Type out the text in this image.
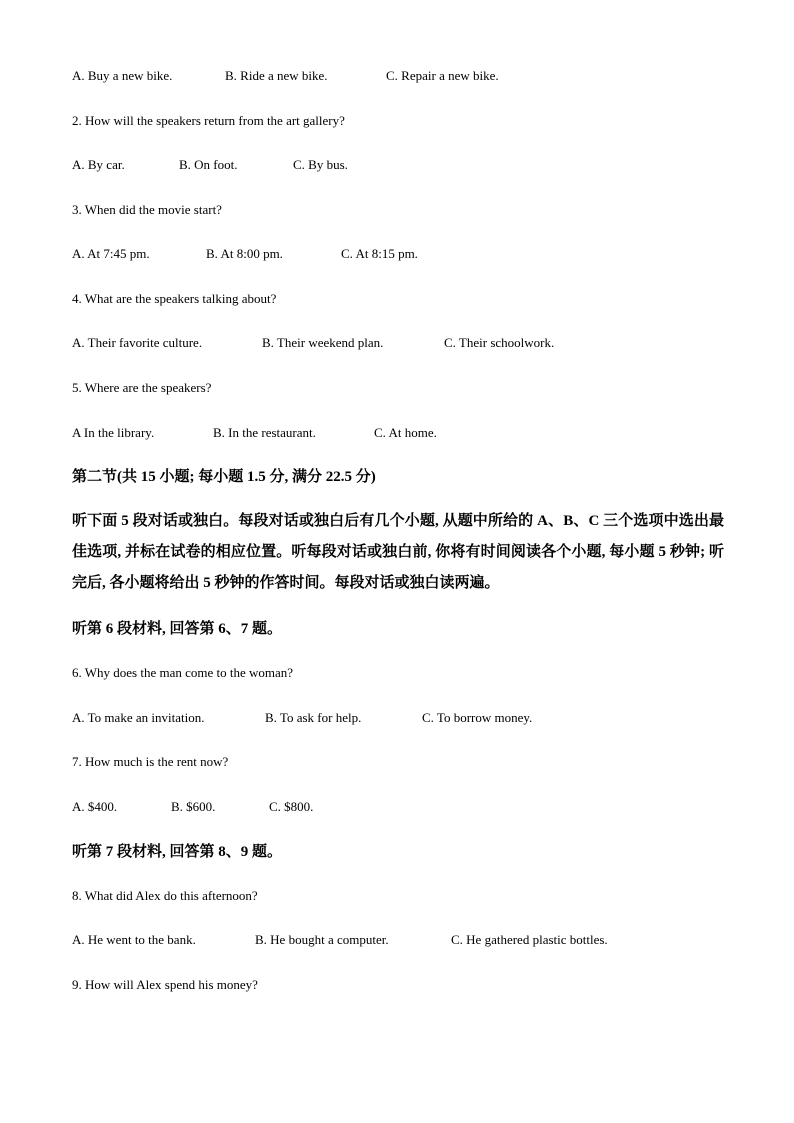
A. Buy a new bike.	B. Ride a new bike.	C. Repair a new bike.
2. How will the speakers return from the art gallery?
A. By car.	B. On foot.	C. By bus.
3. When did the movie start?
A. At 7:45 pm.	B. At 8:00 pm.	C. At 8:15 pm.
4. What are the speakers talking about?
A. Their favorite culture.	B. Their weekend plan.	C. Their schoolwork.
5. Where are the speakers?
A In the library.	B. In the restaurant.	C. At home.
第二节(共 15 小题; 每小题 1.5 分, 满分 22.5 分)
听下面 5 段对话或独白。每段对话或独白后有几个小题, 从题中所给的 A、B、C 三个选项中选出最佳选项, 并标在试卷的相应位置。听每段对话或独白前, 你将有时间阅读各个小题, 每小题 5 秒钟; 听完后, 各小题将给出 5 秒钟的作答时间。每段对话或独白读两遍。
听第 6 段材料, 回答第 6、7 题。
6. Why does the man come to the woman?
A. To make an invitation.	B. To ask for help.	C. To borrow money.
7. How much is the rent now?
A. $400.	B. $600.	C. $800.
听第 7 段材料, 回答第 8、9 题。
8. What did Alex do this afternoon?
A. He went to the bank.	B. He bought a computer.	C. He gathered plastic bottles.
9. How will Alex spend his money?
